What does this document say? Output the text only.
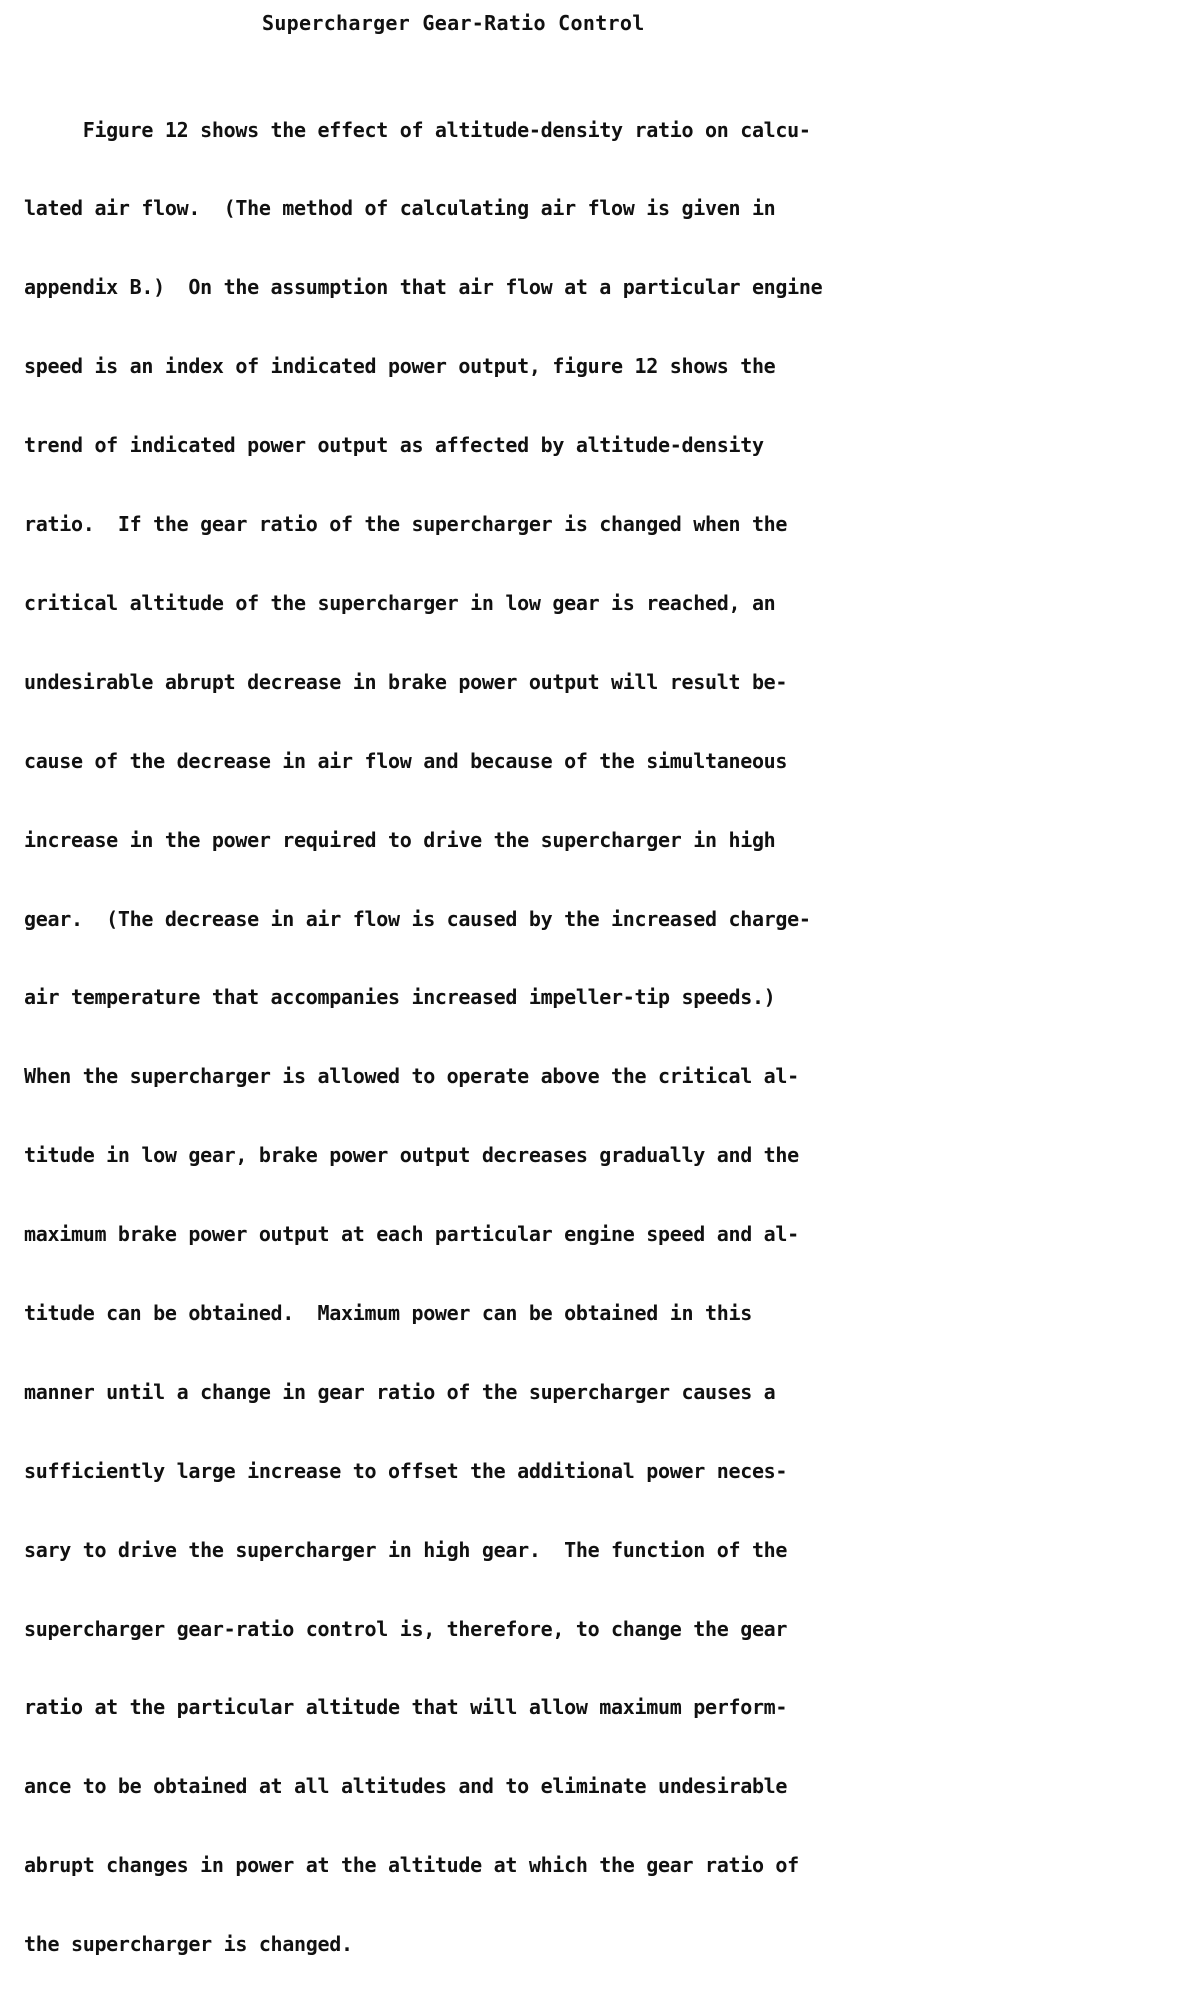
Supercharger Gear-Ratio Control

Figure 12 shows the effect of altitude-density ratio on calcu-

lated air flow.  (The method of calculating air flow is given in

appendix B.)  On the assumption that air flow at a particular engine

speed is an index of indicated power output, figure 12 shows the

trend of indicated power output as affected by altitude-density

ratio.  If the gear ratio of the supercharger is changed when the

critical altitude of the supercharger in low gear is reached, an

undesirable abrupt decrease in brake power output will result be-

cause of the decrease in air flow and because of the simultaneous

increase in the power required to drive the supercharger in high

gear.  (The decrease in air flow is caused by the increased charge-

air temperature that accompanies increased impeller-tip speeds.)

When the supercharger is allowed to operate above the critical al-

titude in low gear, brake power output decreases gradually and the

maximum brake power output at each particular engine speed and al-

titude can be obtained.  Maximum power can be obtained in this

manner until a change in gear ratio of the supercharger causes a

sufficiently large increase to offset the additional power neces-

sary to drive the supercharger in high gear.  The function of the

supercharger gear-ratio control is, therefore, to change the gear

ratio at the particular altitude that will allow maximum perform-

ance to be obtained at all altitudes and to eliminate undesirable

abrupt changes in power at the altitude at which the gear ratio of

the supercharger is changed.
